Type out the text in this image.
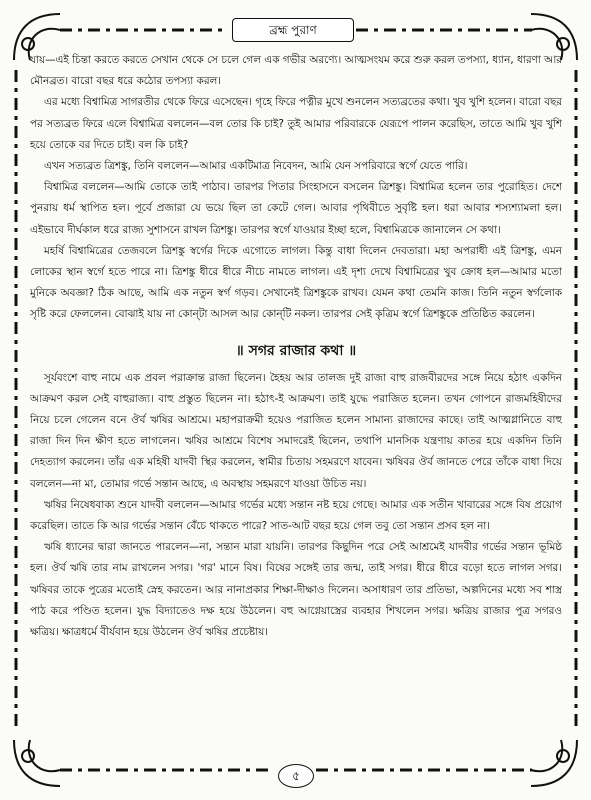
ব্রহ্ম পুরাণ

যায়—এই চিন্তা করতে করতে সেখান থেকে সে চলে গেল এক গভীর অরণ্যে। আত্মসংযম করে শুরু করল তপস্যা, ধ্যান, ধারণা আর মৌনব্রত। বারো বছর ধরে কঠোর তপস্যা করল।

এর মধ্যে বিশ্বামিত্র সাগরতীর থেকে ফিরে এসেছেন। গৃহে ফিরে পত্নীর মুখে শুনলেন সত্যব্রতের কথা। খুব খুশি হলেন। বারো বছর পর সত্যব্রত ফিরে এলে বিশ্বামিত্র বললেন—বল তোর কি চাই? তুই আমার পরিবারকে যেরূপে পালন করেছিস, তাতে আমি খুব খুশি হয়ে তোকে বর দিতে চাই। বল কি চাই?

এখন সত্যব্রত ত্রিশঙ্কু, তিনি বললেন—আমার একটিমাত্র নিবেদন, আমি যেন সপরিবারে স্বর্গে যেতে পারি।

বিশ্বামিত্র বললেন—আমি তোকে তাই পাঠাব। তারপর পিতার সিংহাসনে বসলেন ত্রিশঙ্কু। বিশ্বামিত্র হলেন তার পুরোহিত। দেশে পুনরায় ধর্ম স্থাপিত হল। পূর্বে প্রজারা যে ভয়ে ছিল তা কেটে গেল। আবার পৃথিবীতে সুবৃষ্টি হল। ধরা আবার শস্যশ্যামলা হল। এইভাবে দীর্ঘকাল ধরে রাজ্য সুশাসনে রাখল ত্রিশঙ্কু। তারপর স্বর্গে যাওয়ার ইচ্ছা হলে, বিশ্বামিত্রকে জানালেন সে কথা।

মহর্ষি বিশ্বামিত্রের তেজবলে ত্রিশঙ্কু স্বর্গের দিকে এগোতে লাগল। কিন্তু বাধা দিলেন দেবতারা। মহা অপরাধী এই ত্রিশঙ্কু, এমন লোকের স্থান স্বর্গে হতে পারে না। ত্রিশঙ্কু ধীরে ধীরে নীচে নামতে লাগল। এই দৃশ্য দেখে বিশ্বামিত্রের খুব ক্রোধ হল—আমার মতো মুনিকে অবজ্ঞা? ঠিক আছে, আমি এক নতুন স্বর্গ গড়ব। সেখানেই ত্রিশঙ্কুকে রাখব। যেমন কথা তেমনি কাজ। তিনি নতুন স্বর্গলোক সৃষ্টি করে ফেললেন। বোঝাই যায় না কোন্‌টা আসল আর কোন্‌টি নকল। তারপর সেই কৃত্রিম স্বর্গে ত্রিশঙ্কুকে প্রতিষ্ঠিত করলেন।

॥ সগর রাজার কথা ॥

সূর্যবংশে বাহু নামে এক প্রবল পরাক্রান্ত রাজা ছিলেন। হৈহয় আর তালজ দুই রাজা বাহু রাজবীরদের সঙ্গে নিয়ে হঠাৎ একদিন আক্রমণ করল সেই বাহুরাজ্য। বাহু প্রস্তুত ছিলেন না। হঠাৎ-ই আক্রমণ। তাই যুদ্ধে পরাজিত হলেন। তখন গোপনে রাজমহিষীদের নিয়ে চলে গেলেন বনে ঔর্ব ঋষির আশ্রমে। মহাপরাক্রমী হয়েও পরাজিত হলেন সামান্য রাজাদের কাছে। তাই আত্মগ্লানিতে বাহু রাজা দিন দিন ক্ষীণ হতে লাগলেন। ঋষির আশ্রমে বিশেষ সমাদরেই ছিলেন, তথাপি মানসিক যন্ত্রণায় কাতর হয়ে একদিন তিনি দেহত্যাগ করলেন। তাঁর এক মহিষী যাদবী স্থির করলেন, স্বামীর চিতায় সহমরণে যাবেন। ঋষিবর ঔর্ব জানতে পেরে তাঁকে বাধা দিয়ে বললেন—না মা, তোমার গর্ভে সন্তান আছে, এ অবস্থায় সহমরণে যাওয়া উচিত নয়।

ঋষির নিষেধবাক্য শুনে যাদবী বললেন—আমার গর্ভের মধ্যে সন্তান নষ্ট হয়ে গেছে। আমার এক সতীন খাবারের সঙ্গে বিষ প্রয়োগ করেছিল। তাতে কি আর গর্ভের সন্তান বেঁচে থাকতে পারে? সাত-আট বছর হয়ে গেল তবু তো সন্তান প্রসব হল না।

ঋষি ধ্যানের দ্বারা জানতে পারলেন—না, সন্তান মারা যায়নি। তারপর কিছুদিন পরে সেই আশ্রমেই যাদবীর গর্ভের সন্তান ভূমিষ্ঠ হল। ঔর্ব ঋষি তার নাম রাখলেন সগর। 'গর' মানে বিষ। বিষের সঙ্গেই তার জন্ম, তাই সগর। ধীরে ধীরে বড়ো হতে লাগল সগর। ঋষিবর তাকে পুত্রের মতোই স্নেহ করতেন। আর নানাপ্রকার শিক্ষা-দীক্ষাও দিলেন। অসাধারণ তার প্রতিভা, অল্পদিনের মধ্যে সব শাস্ত্র পাঠ করে পণ্ডিত হলেন। যুদ্ধ বিদ্যাতেও দক্ষ হয়ে উঠলেন। বহু আগ্নেয়াস্ত্রের ব্যবহার শিখলেন সগর। ক্ষত্রিয় রাজার পুত্র সগরও ক্ষত্রিয়। ক্ষাত্রধর্মে বীর্যবান হয়ে উঠলেন ঔর্ব ঋষির প্রচেষ্টায়।

৫
